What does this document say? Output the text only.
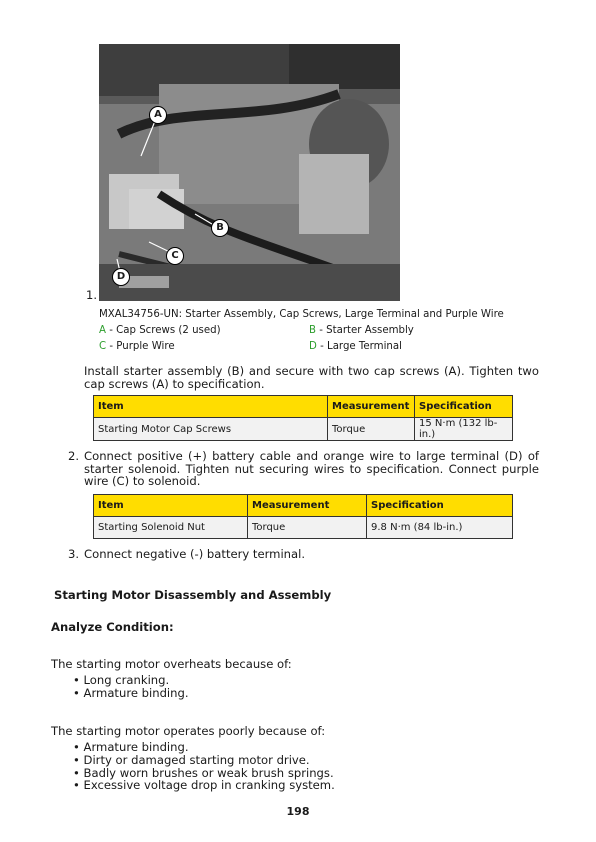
1.
A
B
C
D
MXAL34756-UN: Starter Assembly, Cap Screws, Large Terminal and Purple Wire
A - Cap Screws (2 used)	B - Starter Assembly
C - Purple Wire	D - Large Terminal
Install starter assembly (B) and secure with two cap screws (A). Tighten two cap screws (A) to specification.
Item	Measurement	Specification
Starting Motor Cap Screws	Torque	15 N·m (132 lb-in.)
2. Connect positive (+) battery cable and orange wire to large terminal (D) of starter solenoid. Tighten nut securing wires to specification. Connect purple wire (C) to solenoid.
Item	Measurement	Specification
Starting Solenoid Nut	Torque	9.8 N·m (84 lb-in.)
3. Connect negative (-) battery terminal.
Starting Motor Disassembly and Assembly
Analyze Condition:
The starting motor overheats because of:
• Long cranking.
• Armature binding.
The starting motor operates poorly because of:
• Armature binding.
• Dirty or damaged starting motor drive.
• Badly worn brushes or weak brush springs.
• Excessive voltage drop in cranking system.
198
